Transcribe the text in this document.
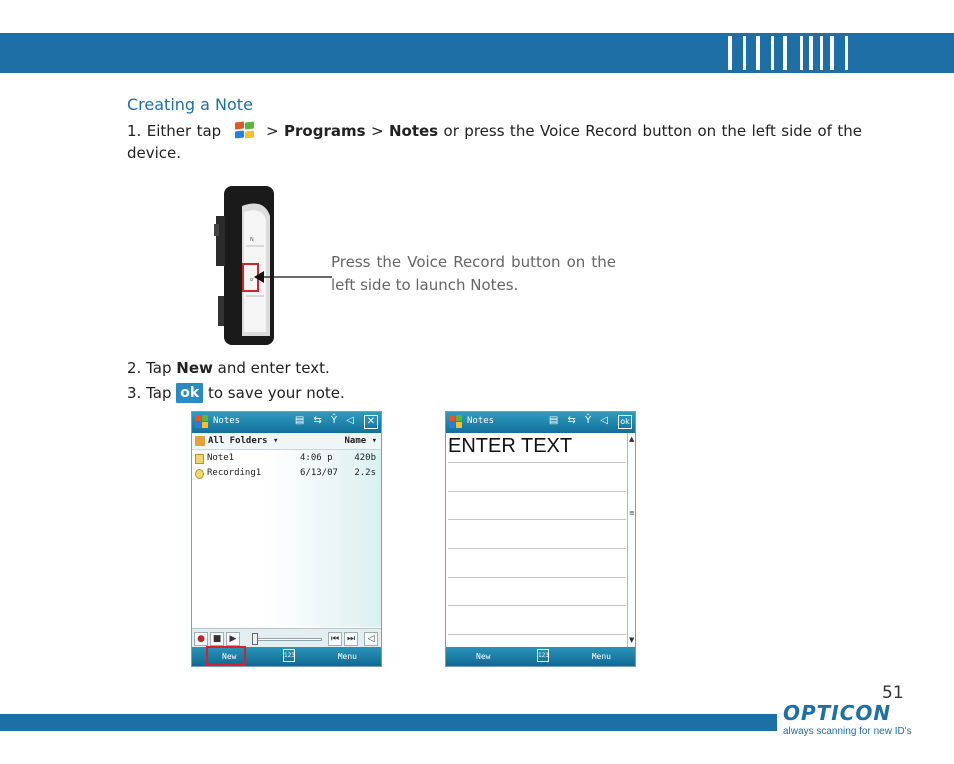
Creating a Note
1. Either tap	> Programs > Notes or press the Voice Record button on the left side of the device.
N
o
Press the Voice Record button on the left side to launch Notes.
2. Tap New and enter text.
3. Tap ok to save your note.
Notes	▤ ⇆ Ŷ ◁ ✕
All Folders ▾	Name ▾
Note1	4:06 p 420b
Recording1	6/13/07 2.2s
● ■ ▶	⏮ ⏭	◁
New	123	Menu
Notes	▤ ⇆ Ŷ ◁ ok
ENTER TEXT	▲
≡
▼
New	123	Menu
51
OPTICON
always scanning for new ID's
